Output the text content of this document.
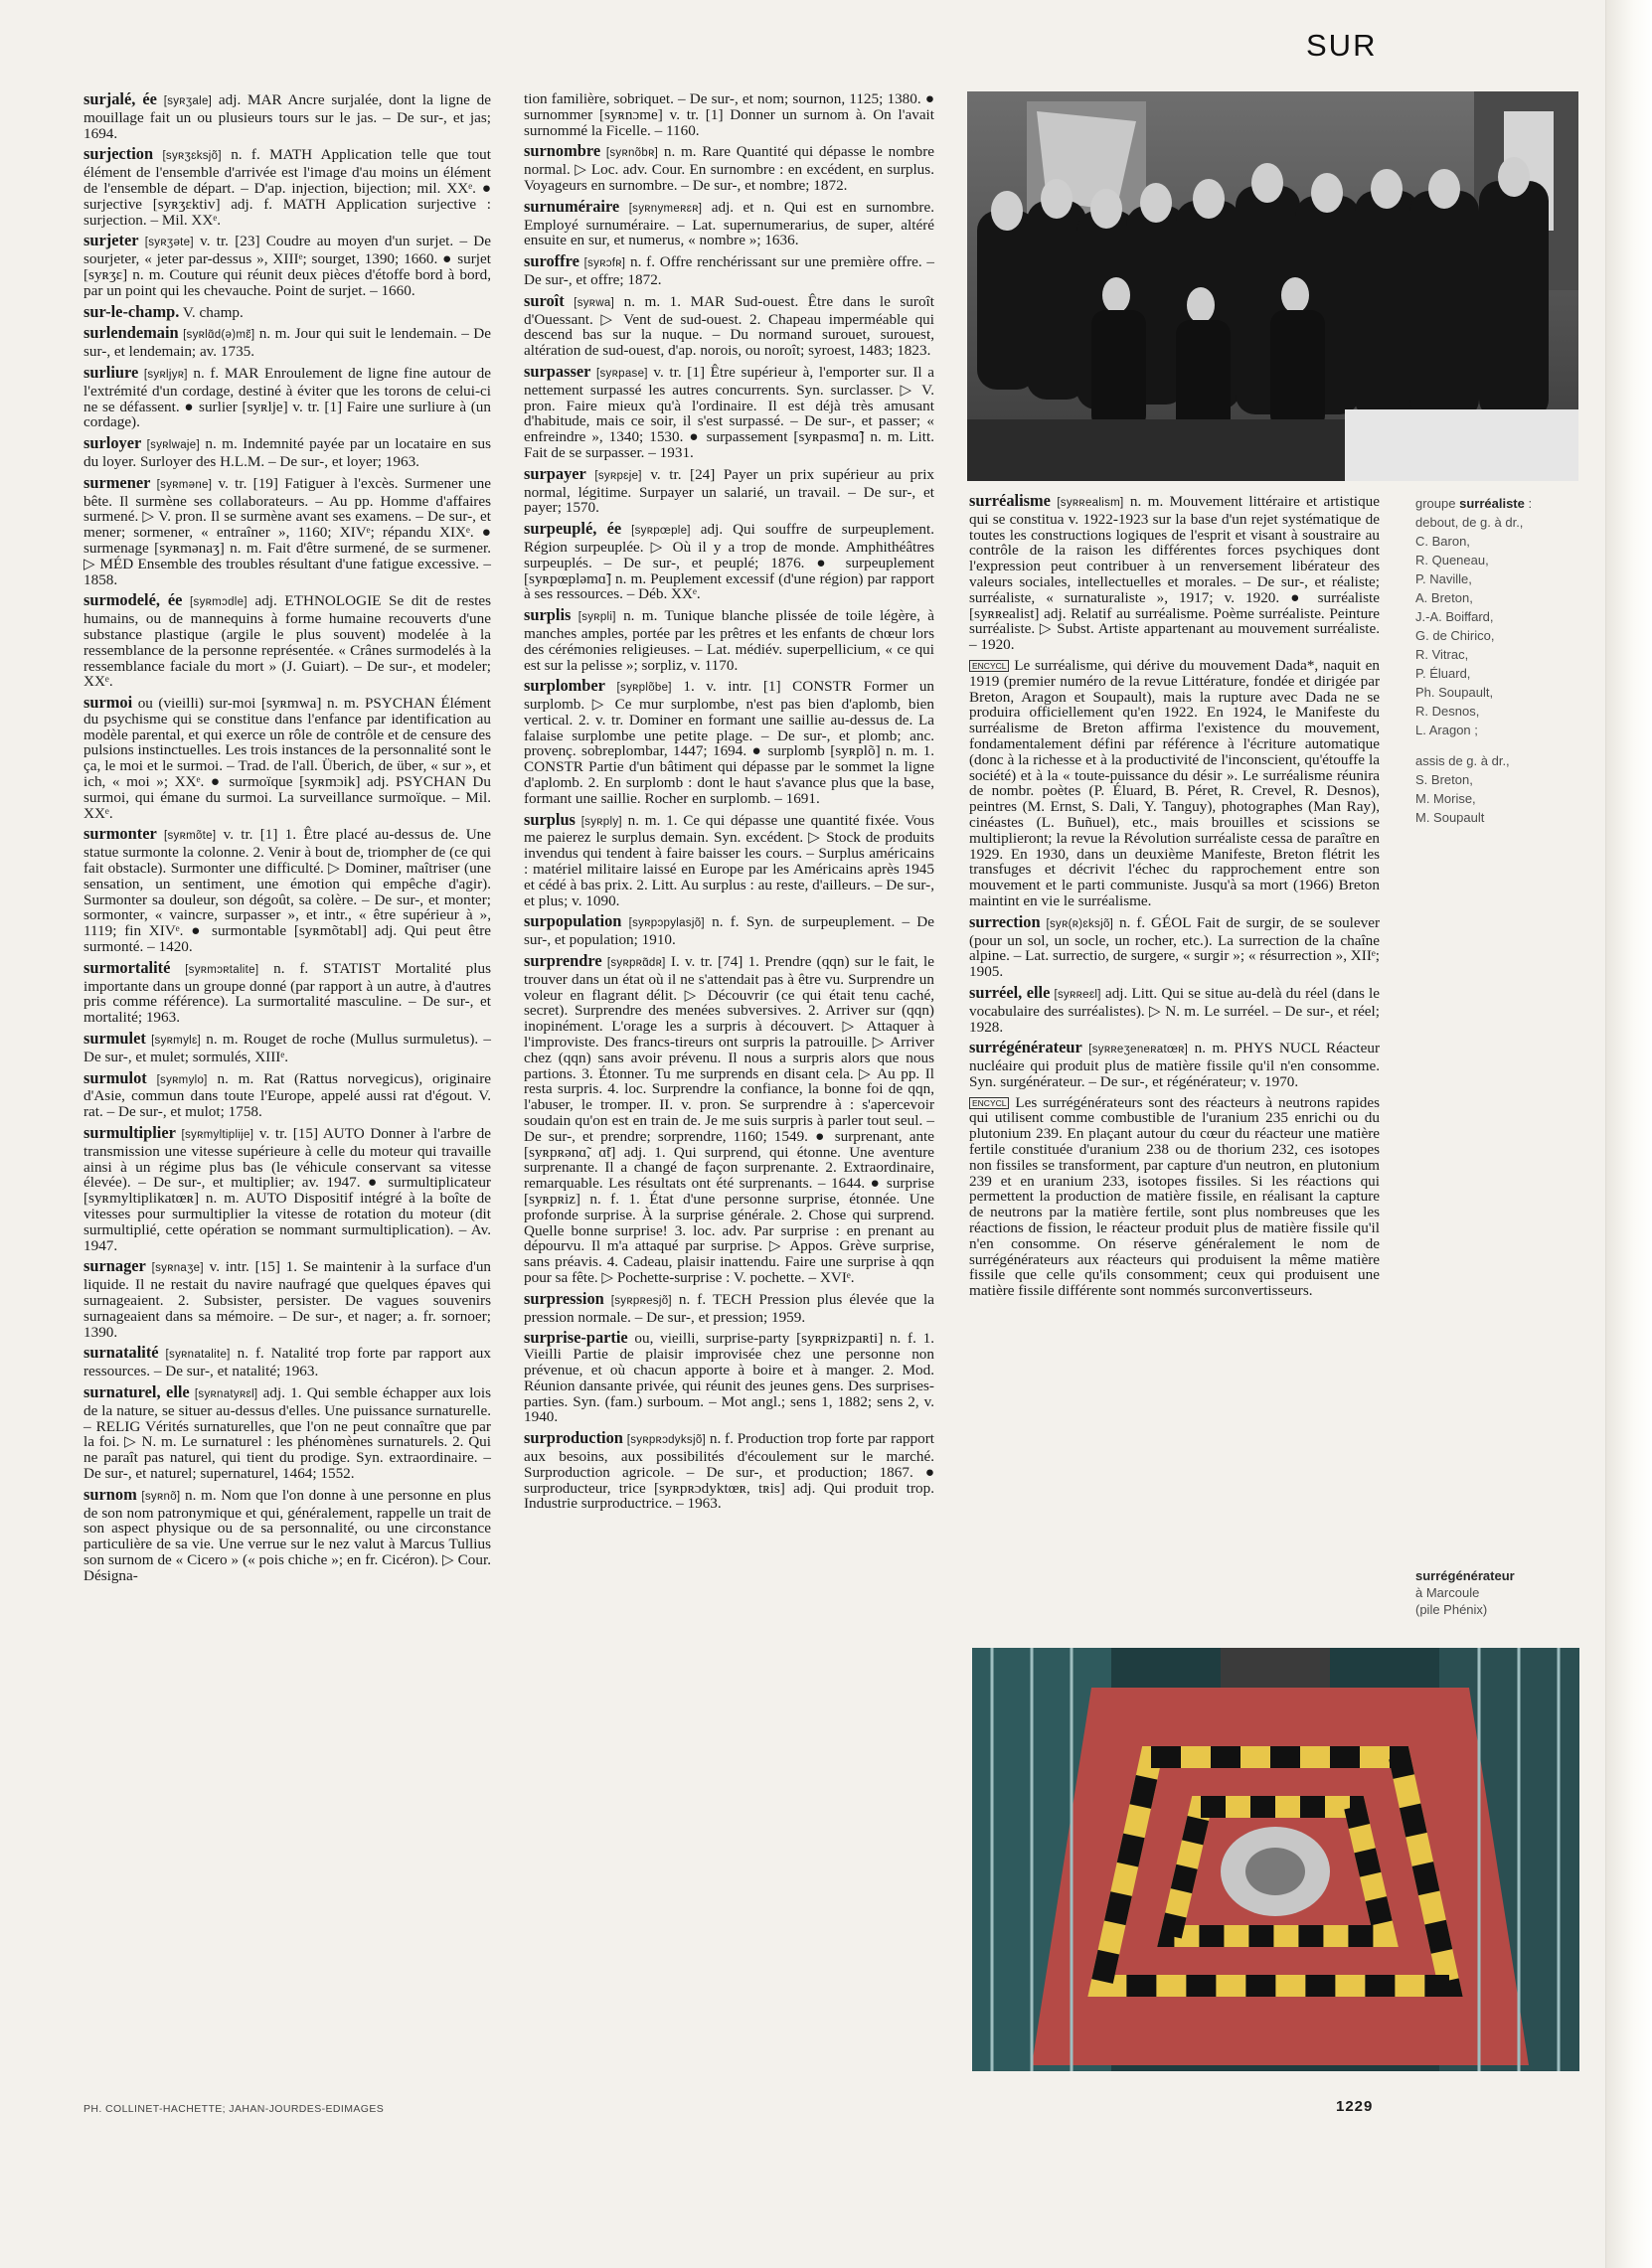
SUR

surjalé, ée [syʀʒale] adj. MAR Ancre surjalée, dont la ligne de mouillage fait un ou plusieurs tours sur le jas. – De sur-, et jas; 1694.

surjection [syʀʒɛksjõ] n. f. MATH Application telle que tout élément de l'ensemble d'arrivée est l'image d'au moins un élément de l'ensemble de départ. – D'ap. injection, bijection; mil. XXᵉ. ● surjective [syʀʒɛktiv] adj. f. MATH Application surjective : surjection. – Mil. XXᵉ.

surjeter [syʀʒəte] v. tr. [23] Coudre au moyen d'un surjet. – De sourjeter, « jeter par-dessus », XIIIᵉ; sourget, 1390; 1660. ● surjet [syʀʒɛ] n. m. Couture qui réunit deux pièces d'étoffe bord à bord, par un point qui les chevauche. Point de surjet. – 1660.

sur-le-champ. V. champ.

surlendemain [syʀlɑ̃d(ə)mɛ̃] n. m. Jour qui suit le lendemain. – De sur-, et lendemain; av. 1735.

surliure [syʀljyʀ] n. f. MAR Enroulement de ligne fine autour de l'extrémité d'un cordage, destiné à éviter que les torons de celui-ci ne se défassent. ● surlier [syʀlje] v. tr. [1] Faire une surliure à (un cordage).

surloyer [syʀlwaje] n. m. Indemnité payée par un locataire en sus du loyer. Surloyer des H.L.M. – De sur-, et loyer; 1963.

surmener [syʀməne] v. tr. [19] Fatiguer à l'excès. Surmener une bête. Il surmène ses collaborateurs. – Au pp. Homme d'affaires surmené. ▷ V. pron. Il se surmène avant ses examens. – De sur-, et mener; sormener, « entraîner », 1160; XIVᵉ; répandu XIXᵉ. ● surmenage [syʀmənaʒ] n. m. Fait d'être surmené, de se surmener. ▷ MÉD Ensemble des troubles résultant d'une fatigue excessive. – 1858.

surmodelé, ée [syʀmɔdle] adj. ETHNOLOGIE Se dit de restes humains, ou de mannequins à forme humaine recouverts d'une substance plastique (argile le plus souvent) modelée à la ressemblance de la personne représentée. « Crânes surmodelés à la ressemblance faciale du mort » (J. Guiart). – De sur-, et modeler; XXᵉ.

surmoi ou (vieilli) sur-moi [syʀmwa] n. m. PSYCHAN Élément du psychisme qui se constitue dans l'enfance par identification au modèle parental, et qui exerce un rôle de contrôle et de censure des pulsions instinctuelles. Les trois instances de la personnalité sont le ça, le moi et le surmoi. – Trad. de l'all. Überich, de über, « sur », et ich, « moi »; XXᵉ. ● surmoïque [syʀmɔik] adj. PSYCHAN Du surmoi, qui émane du surmoi. La surveillance surmoïque. – Mil. XXᵉ.

surmonter [syʀmõte] v. tr. [1] 1. Être placé au-dessus de. Une statue surmonte la colonne. 2. Venir à bout de, triompher de (ce qui fait obstacle). Surmonter une difficulté. ▷ Dominer, maîtriser (une sensation, un sentiment, une émotion qui empêche d'agir). Surmonter sa douleur, son dégoût, sa colère. – De sur-, et monter; sormonter, « vaincre, surpasser », et intr., « être supérieur à », 1119; fin XIVᵉ. ● surmontable [syʀmõtabl] adj. Qui peut être surmonté. – 1420.

surmortalité [syʀmɔʀtalite] n. f. STATIST Mortalité plus importante dans un groupe donné (par rapport à un autre, à d'autres pris comme référence). La surmortalité masculine. – De sur-, et mortalité; 1963.

surmulet [syʀmylɛ] n. m. Rouget de roche (Mullus surmuletus). – De sur-, et mulet; sormulés, XIIIᵉ.

surmulot [syʀmylo] n. m. Rat (Rattus norvegicus), originaire d'Asie, commun dans toute l'Europe, appelé aussi rat d'égout. V. rat. – De sur-, et mulot; 1758.

surmultiplier [syʀmyltiplije] v. tr. [15] AUTO Donner à l'arbre de transmission une vitesse supérieure à celle du moteur qui travaille ainsi à un régime plus bas (le véhicule conservant sa vitesse élevée). – De sur-, et multiplier; av. 1947. ● surmultiplicateur [syʀmyltiplikatœʀ] n. m. AUTO Dispositif intégré à la boîte de vitesses pour surmultiplier la vitesse de rotation du moteur (dit surmultiplié, cette opération se nommant surmultiplication). – Av. 1947.

surnager [syʀnaʒe] v. intr. [15] 1. Se maintenir à la surface d'un liquide. Il ne restait du navire naufragé que quelques épaves qui surnageaient. 2. Subsister, persister. De vagues souvenirs surnageaient dans sa mémoire. – De sur-, et nager; a. fr. sornoer; 1390.

surnatalité [syʀnatalite] n. f. Natalité trop forte par rapport aux ressources. – De sur-, et natalité; 1963.

surnaturel, elle [syʀnatyʀɛl] adj. 1. Qui semble échapper aux lois de la nature, se situer au-dessus d'elles. Une puissance surnaturelle. – RELIG Vérités surnaturelles, que l'on ne peut connaître que par la foi. ▷ N. m. Le surnaturel : les phénomènes surnaturels. 2. Qui ne paraît pas naturel, qui tient du prodige. Syn. extraordinaire. – De sur-, et naturel; supernaturel, 1464; 1552.

surnom [syʀnõ] n. m. Nom que l'on donne à une personne en plus de son nom patronymique et qui, généralement, rappelle un trait de son aspect physique ou de sa personnalité, ou une circonstance particulière de sa vie. Une verrue sur le nez valut à Marcus Tullius son surnom de « Cicero » (« pois chiche »; en fr. Cicéron). ▷ Cour. Désigna-

tion familière, sobriquet. – De sur-, et nom; sournon, 1125; 1380. ● surnommer [syʀnɔme] v. tr. [1] Donner un surnom à. On l'avait surnommé la Ficelle. – 1160.

surnombre [syʀnõbʀ] n. m. Rare Quantité qui dépasse le nombre normal. ▷ Loc. adv. Cour. En surnombre : en excédent, en surplus. Voyageurs en surnombre. – De sur-, et nombre; 1872.

surnuméraire [syʀnymeʀɛʀ] adj. et n. Qui est en surnombre. Employé surnuméraire. – Lat. supernumerarius, de super, altéré ensuite en sur, et numerus, « nombre »; 1636.

suroffre [syʀɔfʀ] n. f. Offre renchérissant sur une première offre. – De sur-, et offre; 1872.

suroît [syʀwa] n. m. 1. MAR Sud-ouest. Être dans le suroît d'Ouessant. ▷ Vent de sud-ouest. 2. Chapeau imperméable qui descend bas sur la nuque. – Du normand surouet, surouest, altération de sud-ouest, d'ap. norois, ou noroît; syroest, 1483; 1823.

surpasser [syʀpase] v. tr. [1] Être supérieur à, l'emporter sur. Il a nettement surpassé les autres concurrents. Syn. surclasser. ▷ V. pron. Faire mieux qu'à l'ordinaire. Il est déjà très amusant d'habitude, mais ce soir, il s'est surpassé. – De sur-, et passer; « enfreindre », 1340; 1530. ● surpassement [syʀpasmɑ̃] n. m. Litt. Fait de se surpasser. – 1931.

surpayer [syʀpɛje] v. tr. [24] Payer un prix supérieur au prix normal, légitime. Surpayer un salarié, un travail. – De sur-, et payer; 1570.

surpeuplé, ée [syʀpœple] adj. Qui souffre de surpeuplement. Région surpeuplée. ▷ Où il y a trop de monde. Amphithéâtres surpeuplés. – De sur-, et peuplé; 1876. ● surpeuplement [syʀpœpləmɑ̃] n. m. Peuplement excessif (d'une région) par rapport à ses ressources. – Déb. XXᵉ.

surplis [syʀpli] n. m. Tunique blanche plissée de toile légère, à manches amples, portée par les prêtres et les enfants de chœur lors des cérémonies religieuses. – Lat. médiév. superpellicium, « ce qui est sur la pelisse »; sorpliz, v. 1170.

surplomber [syʀplõbe] 1. v. intr. [1] CONSTR Former un surplomb. ▷ Ce mur surplombe, n'est pas bien d'aplomb, bien vertical. 2. v. tr. Dominer en formant une saillie au-dessus de. La falaise surplombe une petite plage. – De sur-, et plomb; anc. provenç. sobreplombar, 1447; 1694. ● surplomb [syʀplõ] n. m. 1. CONSTR Partie d'un bâtiment qui dépasse par le sommet la ligne d'aplomb. 2. En surplomb : dont le haut s'avance plus que la base, formant une saillie. Rocher en surplomb. – 1691.

surplus [syʀply] n. m. 1. Ce qui dépasse une quantité fixée. Vous me paierez le surplus demain. Syn. excédent. ▷ Stock de produits invendus qui tendent à faire baisser les cours. – Surplus américains : matériel militaire laissé en Europe par les Américains après 1945 et cédé à bas prix. 2. Litt. Au surplus : au reste, d'ailleurs. – De sur-, et plus; v. 1090.

surpopulation [syʀpɔpylasjõ] n. f. Syn. de surpeuplement. – De sur-, et population; 1910.

surprendre [syʀpʀɑ̃dʀ] I. v. tr. [74] 1. Prendre (qqn) sur le fait, le trouver dans un état où il ne s'attendait pas à être vu. Surprendre un voleur en flagrant délit. ▷ Découvrir (ce qui était tenu caché, secret). Surprendre des menées subversives. 2. Arriver sur (qqn) inopinément. L'orage les a surpris à découvert. ▷ Attaquer à l'improviste. Des francs-tireurs ont surpris la patrouille. ▷ Arriver chez (qqn) sans avoir prévenu. Il nous a surpris alors que nous partions. 3. Étonner. Tu me surprends en disant cela. ▷ Au pp. Il resta surpris. 4. loc. Surprendre la confiance, la bonne foi de qqn, l'abuser, le tromper. II. v. pron. Se surprendre à : s'apercevoir soudain qu'on est en train de. Je me suis surpris à parler tout seul. – De sur-, et prendre; sorprendre, 1160; 1549. ● surprenant, ante [syʀpʀənɑ̃, ɑ̃t] adj. 1. Qui surprend, qui étonne. Une aventure surprenante. Il a changé de façon surprenante. 2. Extraordinaire, remarquable. Les résultats ont été surprenants. – 1644. ● surprise [syʀpʀiz] n. f. 1. État d'une personne surprise, étonnée. Une profonde surprise. À la surprise générale. 2. Chose qui surprend. Quelle bonne surprise! 3. loc. adv. Par surprise : en prenant au dépourvu. Il m'a attaqué par surprise. ▷ Appos. Grève surprise, sans préavis. 4. Cadeau, plaisir inattendu. Faire une surprise à qqn pour sa fête. ▷ Pochette-surprise : V. pochette. – XVIᵉ.

surpression [syʀpʀesjõ] n. f. TECH Pression plus élevée que la pression normale. – De sur-, et pression; 1959.

surprise-partie ou, vieilli, surprise-party [syʀpʀizpaʀti] n. f. 1. Vieilli Partie de plaisir improvisée chez une personne non prévenue, et où chacun apporte à boire et à manger. 2. Mod. Réunion dansante privée, qui réunit des jeunes gens. Des surprises-parties. Syn. (fam.) surboum. – Mot angl.; sens 1, 1882; sens 2, v. 1940.

surproduction [syʀpʀɔdyksjõ] n. f. Production trop forte par rapport aux besoins, aux possibilités d'écoulement sur le marché. Surproduction agricole. – De sur-, et production; 1867. ● surproducteur, trice [syʀpʀɔdyktœʀ, tʀis] adj. Qui produit trop. Industrie surproductrice. – 1963.

surréalisme [syʀʀealism] n. m. Mouvement littéraire et artistique qui se constitua v. 1922-1923 sur la base d'un rejet systématique de toutes les constructions logiques de l'esprit et visant à soustraire au contrôle de la raison les différentes forces psychiques dont l'expression peut contribuer à un renversement libérateur des valeurs sociales, intellectuelles et morales. – De sur-, et réaliste; surréaliste, « surnaturaliste », 1917; v. 1920. ● surréaliste [syʀʀealist] adj. Relatif au surréalisme. Poème surréaliste. Peinture surréaliste. ▷ Subst. Artiste appartenant au mouvement surréaliste. – 1920.

ENCYCL Le surréalisme, qui dérive du mouvement Dada*, naquit en 1919 (premier numéro de la revue Littérature, fondée et dirigée par Breton, Aragon et Soupault), mais la rupture avec Dada ne se produira officiellement qu'en 1922. En 1924, le Manifeste du surréalisme de Breton affirma l'existence du mouvement, fondamentalement défini par référence à l'écriture automatique (donc à la richesse et à la productivité de l'inconscient, qu'étouffe la société) et à la « toute-puissance du désir ». Le surréalisme réunira de nombr. poètes (P. Éluard, B. Péret, R. Crevel, R. Desnos), peintres (M. Ernst, S. Dali, Y. Tanguy), photographes (Man Ray), cinéastes (L. Buñuel), etc., mais brouilles et scissions se multiplieront; la revue la Révolution surréaliste cessa de paraître en 1929. En 1930, dans un deuxième Manifeste, Breton flétrit les transfuges et décrivit l'échec du rapprochement entre son mouvement et le parti communiste. Jusqu'à sa mort (1966) Breton maintint en vie le surréalisme.

surrection [syʀ(ʀ)ɛksjõ] n. f. GÉOL Fait de surgir, de se soulever (pour un sol, un socle, un rocher, etc.). La surrection de la chaîne alpine. – Lat. surrectio, de surgere, « surgir »; « résurrection », XIIᵉ; 1905.

surréel, elle [syʀʀeɛl] adj. Litt. Qui se situe au-delà du réel (dans le vocabulaire des surréalistes). ▷ N. m. Le surréel. – De sur-, et réel; 1928.

surrégénérateur [syʀʀeʒeneʀatœʀ] n. m. PHYS NUCL Réacteur nucléaire qui produit plus de matière fissile qu'il n'en consomme. Syn. surgénérateur. – De sur-, et régénérateur; v. 1970.

ENCYCL Les surrégénérateurs sont des réacteurs à neutrons rapides qui utilisent comme combustible de l'uranium 235 enrichi ou du plutonium 239. En plaçant autour du cœur du réacteur une matière fertile constituée d'uranium 238 ou de thorium 232, ces isotopes non fissiles se transforment, par capture d'un neutron, en plutonium 239 et en uranium 233, isotopes fissiles. Si les réactions qui permettent la production de matière fissile, en réalisant la capture de neutrons par la matière fertile, sont plus nombreuses que les réactions de fission, le réacteur produit plus de matière fissile qu'il n'en consomme. On réserve généralement le nom de surrégénérateurs aux réacteurs qui produisent la même matière fissile que celle qu'ils consomment; ceux qui produisent une matière fissile différente sont nommés surconvertisseurs.

groupe surréaliste :
debout, de g. à dr.,
C. Baron,
R. Queneau,
P. Naville,
A. Breton,
J.-A. Boiffard,
G. de Chirico,
R. Vitrac,
P. Éluard,
Ph. Soupault,
R. Desnos,
L. Aragon ;
assis de g. à dr.,
S. Breton,
M. Morise,
M. Soupault
surrégénérateur
à Marcoule
(pile Phénix)
PH. COLLINET-HACHETTE; JAHAN-JOURDES-EDIMAGES	1229
